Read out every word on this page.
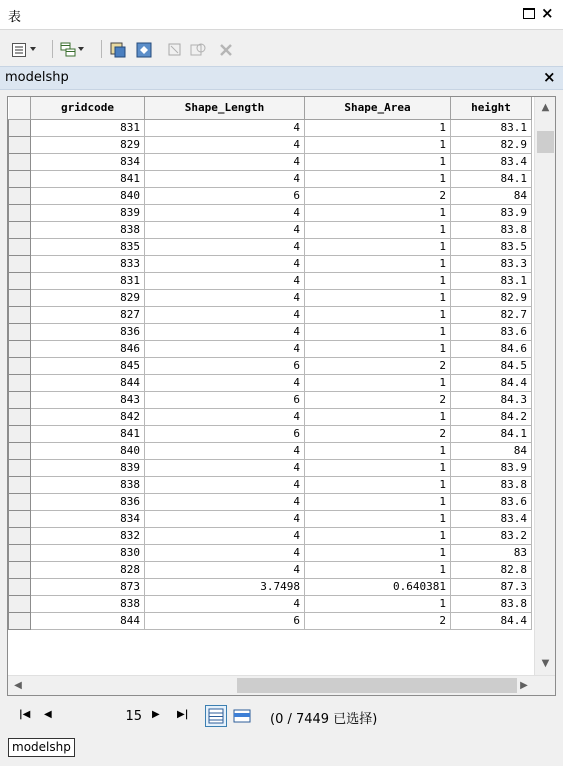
表	×
modelshp	×
	gridcode	Shape_Length	Shape_Area	height
	831	4	1	83.1
	829	4	1	82.9
	834	4	1	83.4
	841	4	1	84.1
	840	6	2	84
	839	4	1	83.9
	838	4	1	83.8
	835	4	1	83.5
	833	4	1	83.3
	831	4	1	83.1
	829	4	1	82.9
	827	4	1	82.7
	836	4	1	83.6
	846	4	1	84.6
	845	6	2	84.5
	844	4	1	84.4
	843	6	2	84.3
	842	4	1	84.2
	841	6	2	84.1
	840	4	1	84
	839	4	1	83.9
	838	4	1	83.8
	836	4	1	83.6
	834	4	1	83.4
	832	4	1	83.2
	830	4	1	83
	828	4	1	82.8
	873	3.7498	0.640381	87.3
	838	4	1	83.8
	844	6	2	84.4
▲
▼
◀	▶
|◀ ◀
15	▶ ▶|	(0 / 7449 已选择)
modelshp
